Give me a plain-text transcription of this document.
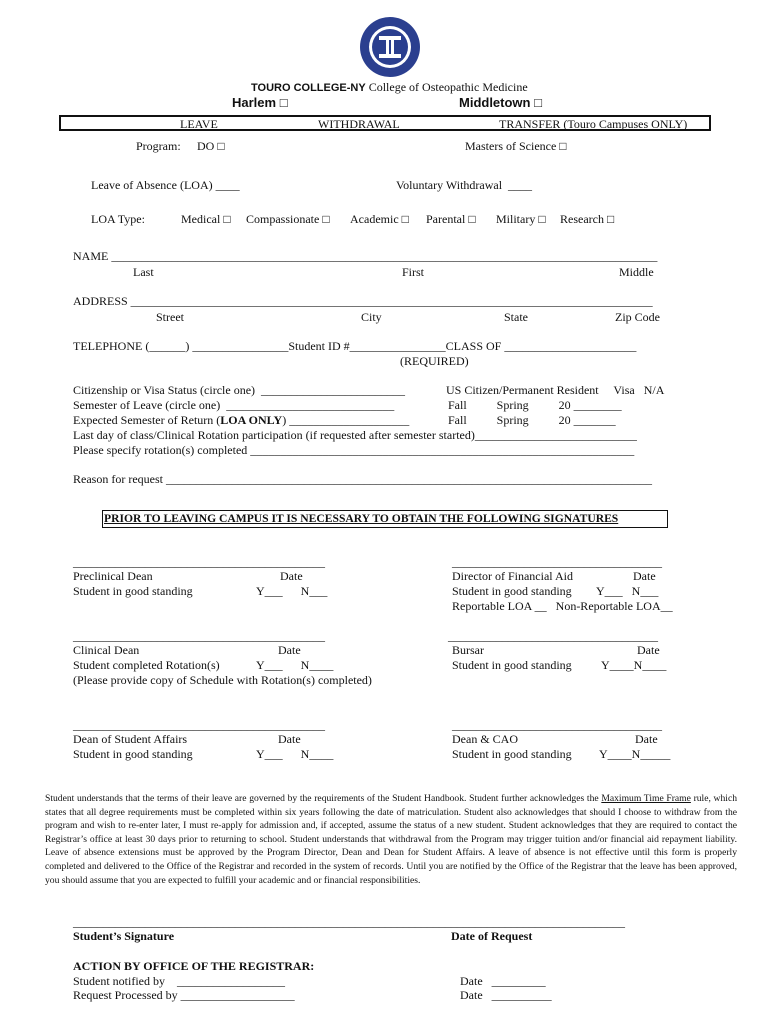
TOURO COLLEGE-NY College of Osteopathic Medicine
Harlem □	Middletown □
LEAVE	WITHDRAWAL	TRANSFER (Touro Campuses ONLY)
Program: DO □	Masters of Science □
Leave of Absence (LOA) ____	Voluntary Withdrawal  ____
LOA Type:	Medical □ Compassionate □ Academic □ Parental □ Military □ Research □
NAME ___________________________________________________________________________________________
Last	First	Middle
ADDRESS _______________________________________________________________________________________
Street	City	State	Zip Code
TELEPHONE (______) ________________Student ID #________________CLASS OF ______________________
(REQUIRED)
Citizenship or Visa Status (circle one)  ________________________	US Citizen/Permanent Resident     Visa   N/A
Semester of Leave (circle one)  ____________________________	Fall          Spring          20 ________
Expected Semester of Return (LOA ONLY) ____________________	Fall          Spring          20 _______
Last day of class/Clinical Rotation participation (if requested after semester started)___________________________
Please specify rotation(s) completed ________________________________________________________________
Reason for request _________________________________________________________________________________
PRIOR TO LEAVING CAMPUS IT IS NECESSARY TO OBTAIN THE FOLLOWING SIGNATURES
__________________________________________
Preclinical Dean	Date
Student in good standing	Y___      N___
___________________________________
Director of Financial Aid	Date
Student in good standing Y___   N___
Reportable LOA __   Non-Reportable LOA__
__________________________________________
Clinical Dean	Date
Student completed Rotation(s)	Y___      N____
(Please provide copy of Schedule with Rotation(s) completed)
___________________________________
Bursar	Date
Student in good standing Y____N____
__________________________________________
Dean of Student Affairs	Date
Student in good standing	Y___      N____
___________________________________
Dean & CAO	Date
Student in good standing Y____N_____
Student understands that the terms of their leave are governed by the requirements of the Student Handbook. Student further acknowledges the Maximum Time Frame rule, which states that all degree requirements must be completed within six years following the date of matriculation. Student also acknowledges that should I choose to withdraw from the program and wish to re-enter later, I must re-apply for admission and, if accepted, assume the status of a new student. Student acknowledges that they are required to contact the Registrar’s office at least 30 days prior to returning to school. Student understands that withdrawal from the Program may trigger tuition and/or financial aid repayment liability. Leave of absence extensions must be approved by the Program Director, Dean and Dean for Student Affairs. A leave of absence is not effective until this form is properly completed and delivered to the Office of the Registrar and recorded in the system of records. Until you are notified by the Office of the Registrar that the leave has been approved, you should assume that you are expected to fulfill your academic and or financial responsibilities.
____________________________________________________________________________________________
Student’s Signature	Date of Request
ACTION BY OFFICE OF THE REGISTRAR:
Student notified by    __________________
Request Processed by ___________________
Date   _________
Date   __________
